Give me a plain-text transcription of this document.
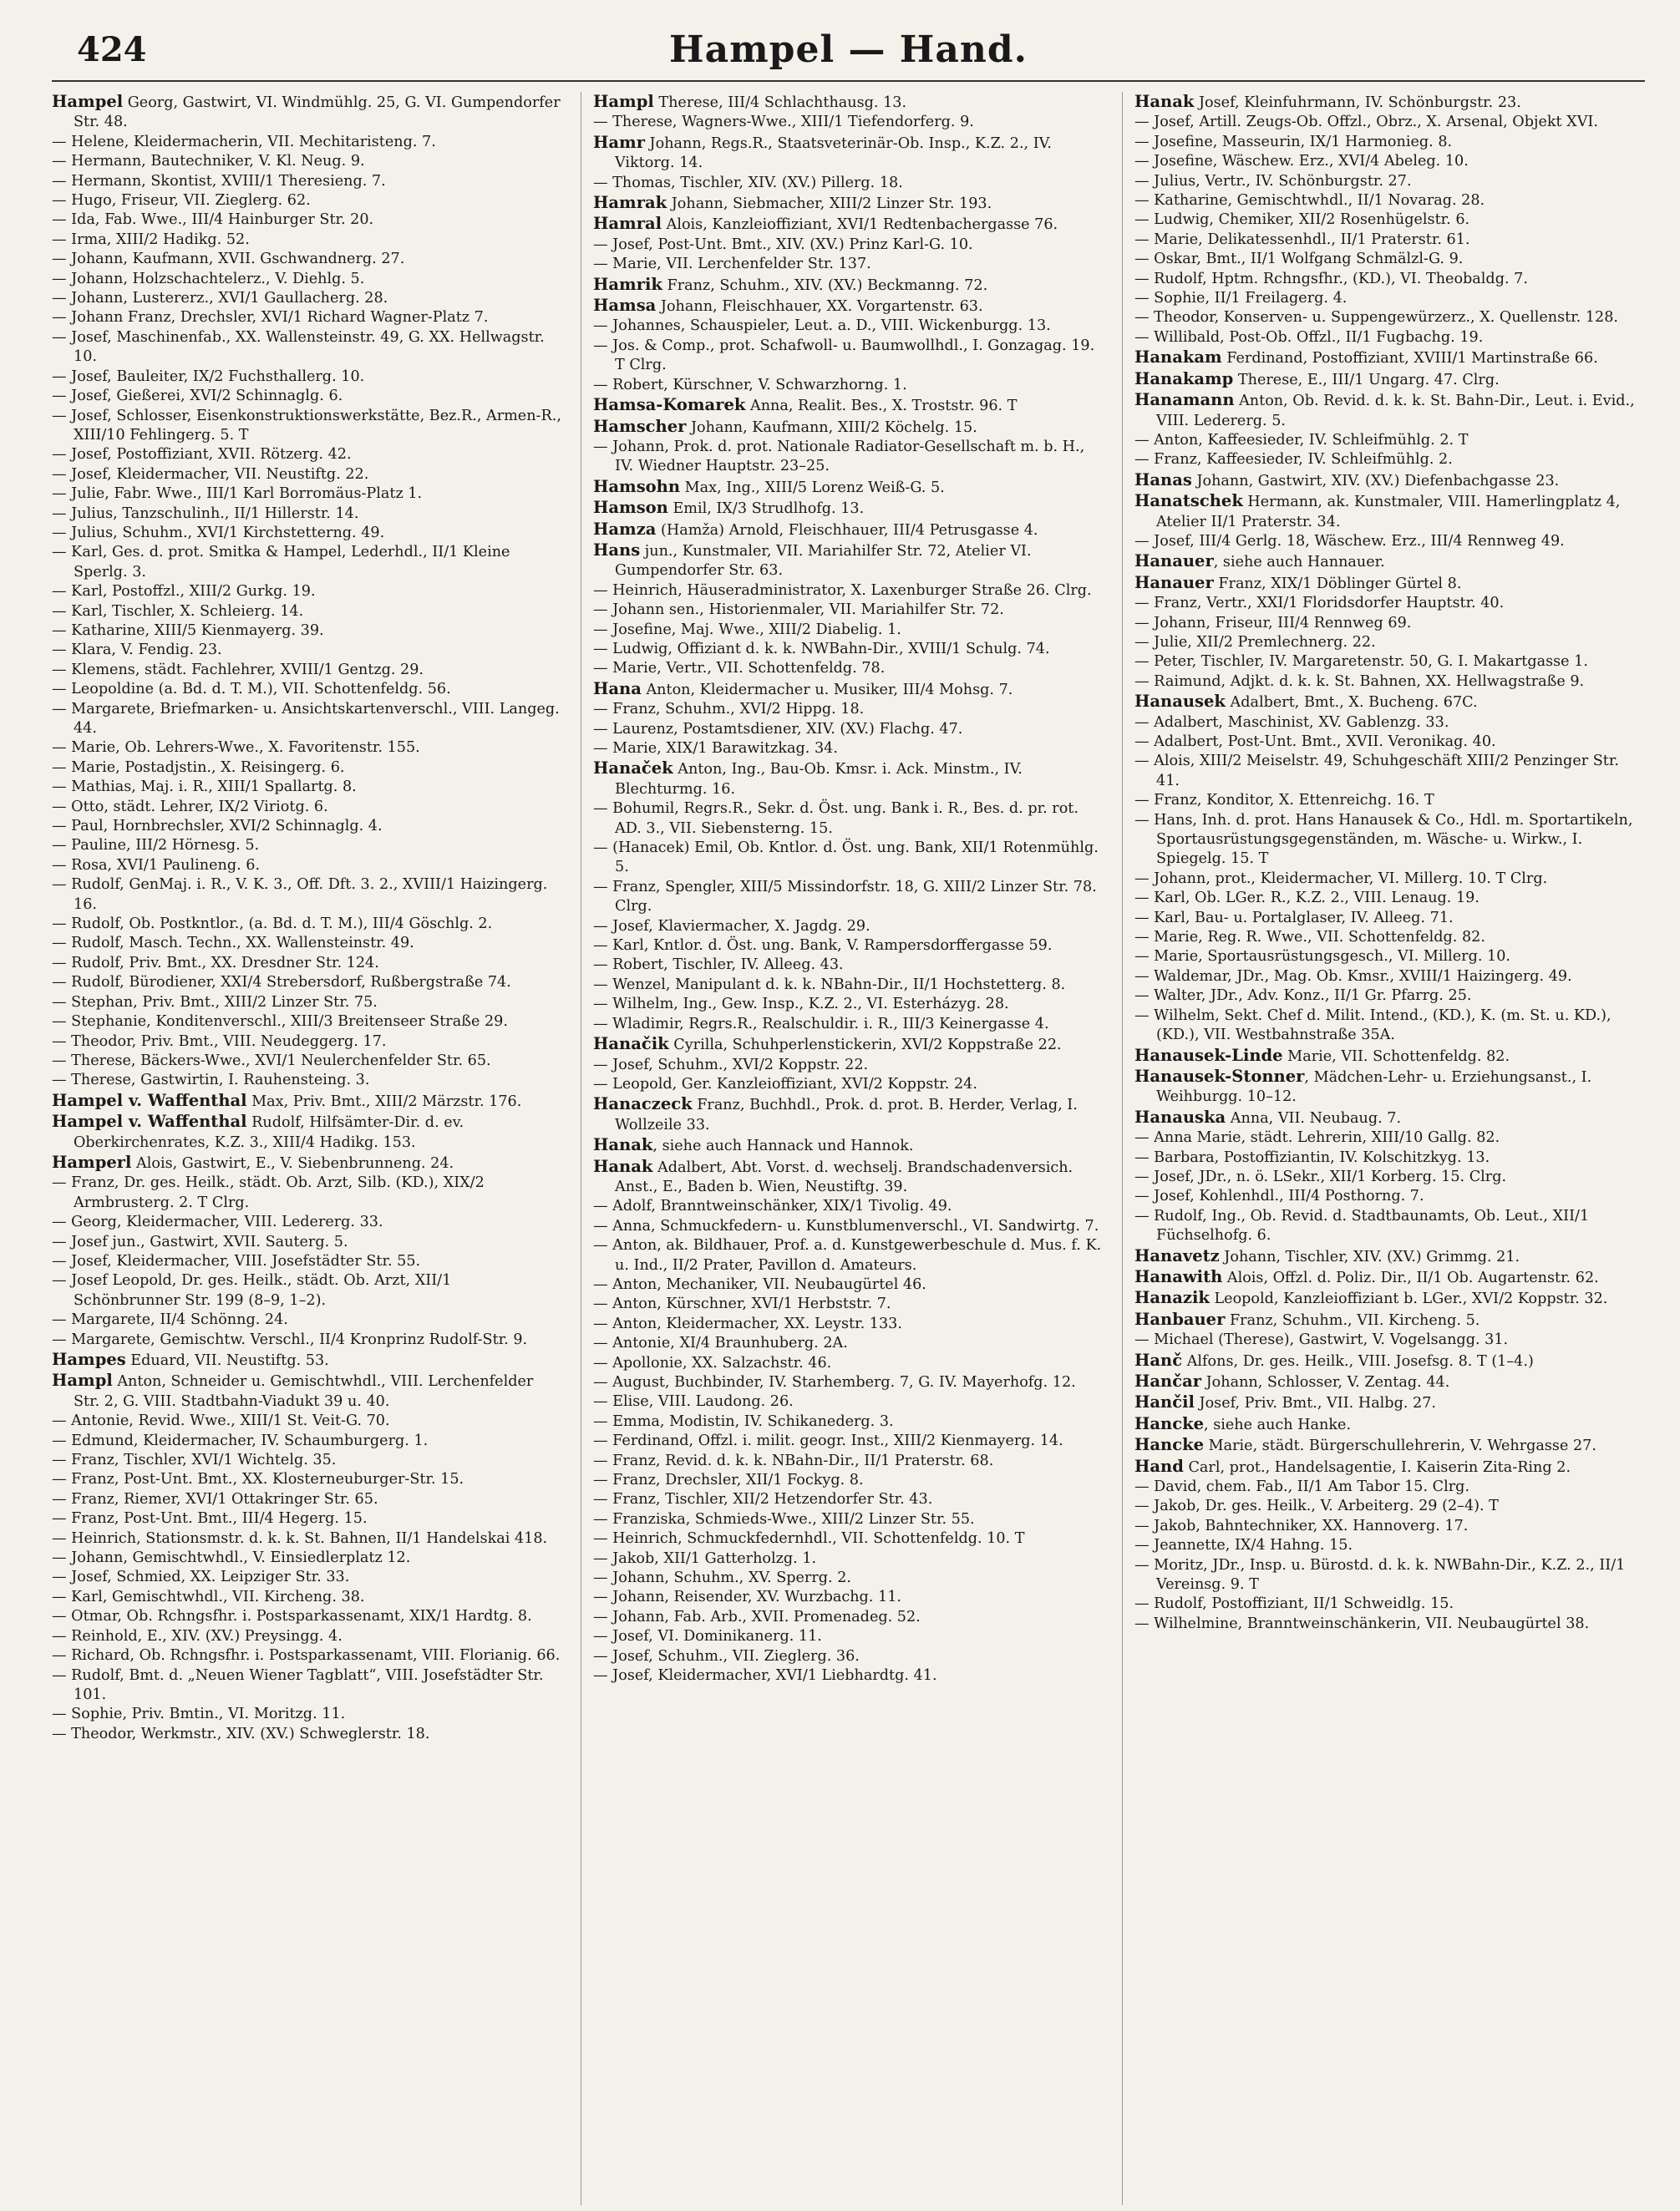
424	Hampel — Hand.

Hampel Georg, Gastwirt, VI. Windmühlg. 25, G. VI. Gumpendorfer Str. 48.

— Helene, Kleidermacherin, VII. Mechitaristeng. 7.

— Hermann, Bautechniker, V. Kl. Neug. 9.

— Hermann, Skontist, XVIII/1 Theresieng. 7.

— Hugo, Friseur, VII. Zieglerg. 62.

— Ida, Fab. Wwe., III/4 Hainburger Str. 20.

— Irma, XIII/2 Hadikg. 52.

— Johann, Kaufmann, XVII. Gschwandnerg. 27.

— Johann, Holzschachtelerz., V. Diehlg. 5.

— Johann, Lustererz., XVI/1 Gaullacherg. 28.

— Johann Franz, Drechsler, XVI/1 Richard Wagner-Platz 7.

— Josef, Maschinenfab., XX. Wallensteinstr. 49, G. XX. Hellwagstr. 10.

— Josef, Bauleiter, IX/2 Fuchsthallerg. 10.

— Josef, Gießerei, XVI/2 Schinnaglg. 6.

— Josef, Schlosser, Eisenkonstruktionswerkstätte, Bez.R., Armen-R., XIII/10 Fehlingerg. 5. T

— Josef, Postoffiziant, XVII. Rötzerg. 42.

— Josef, Kleidermacher, VII. Neustiftg. 22.

— Julie, Fabr. Wwe., III/1 Karl Borromäus-Platz 1.

— Julius, Tanzschulinh., II/1 Hillerstr. 14.

— Julius, Schuhm., XVI/1 Kirchstetterng. 49.

— Karl, Ges. d. prot. Smitka & Hampel, Lederhdl., II/1 Kleine Sperlg. 3.

— Karl, Postoffzl., XIII/2 Gurkg. 19.

— Karl, Tischler, X. Schleierg. 14.

— Katharine, XIII/5 Kienmayerg. 39.

— Klara, V. Fendig. 23.

— Klemens, städt. Fachlehrer, XVIII/1 Gentzg. 29.

— Leopoldine (a. Bd. d. T. M.), VII. Schottenfeldg. 56.

— Margarete, Briefmarken- u. Ansichtskartenverschl., VIII. Langeg. 44.

— Marie, Ob. Lehrers-Wwe., X. Favoritenstr. 155.

— Marie, Postadjstin., X. Reisingerg. 6.

— Mathias, Maj. i. R., XIII/1 Spallartg. 8.

— Otto, städt. Lehrer, IX/2 Viriotg. 6.

— Paul, Hornbrechsler, XVI/2 Schinnaglg. 4.

— Pauline, III/2 Hörnesg. 5.

— Rosa, XVI/1 Paulineng. 6.

— Rudolf, GenMaj. i. R., V. K. 3., Off. Dft. 3. 2., XVIII/1 Haizingerg. 16.

— Rudolf, Ob. Postkntlor., (a. Bd. d. T. M.), III/4 Göschlg. 2.

— Rudolf, Masch. Techn., XX. Wallensteinstr. 49.

— Rudolf, Priv. Bmt., XX. Dresdner Str. 124.

— Rudolf, Bürodiener, XXI/4 Strebersdorf, Rußbergstraße 74.

— Stephan, Priv. Bmt., XIII/2 Linzer Str. 75.

— Stephanie, Konditenverschl., XIII/3 Breitenseer Straße 29.

— Theodor, Priv. Bmt., VIII. Neudeggerg. 17.

— Therese, Bäckers-Wwe., XVI/1 Neulerchenfelder Str. 65.

— Therese, Gastwirtin, I. Rauhensteing. 3.

Hampel v. Waffenthal Max, Priv. Bmt., XIII/2 Märzstr. 176.

Hampel v. Waffenthal Rudolf, Hilfsämter-Dir. d. ev. Oberkirchenrates, K.Z. 3., XIII/4 Hadikg. 153.

Hamperl Alois, Gastwirt, E., V. Siebenbrunneng. 24.

— Franz, Dr. ges. Heilk., städt. Ob. Arzt, Silb. (KD.), XIX/2 Armbrusterg. 2. T Clrg.

— Georg, Kleidermacher, VIII. Ledererg. 33.

— Josef jun., Gastwirt, XVII. Sauterg. 5.

— Josef, Kleidermacher, VIII. Josefstädter Str. 55.

— Josef Leopold, Dr. ges. Heilk., städt. Ob. Arzt, XII/1 Schönbrunner Str. 199 (8–9, 1–2).

— Margarete, II/4 Schönng. 24.

— Margarete, Gemischtw. Verschl., II/4 Kronprinz Rudolf-Str. 9.

Hampes Eduard, VII. Neustiftg. 53.

Hampl Anton, Schneider u. Gemischtwhdl., VIII. Lerchenfelder Str. 2, G. VIII. Stadtbahn-Viadukt 39 u. 40.

— Antonie, Revid. Wwe., XIII/1 St. Veit-G. 70.

— Edmund, Kleidermacher, IV. Schaumburgerg. 1.

— Franz, Tischler, XVI/1 Wichtelg. 35.

— Franz, Post-Unt. Bmt., XX. Klosterneuburger-Str. 15.

— Franz, Riemer, XVI/1 Ottakringer Str. 65.

— Franz, Post-Unt. Bmt., III/4 Hegerg. 15.

— Heinrich, Stationsmstr. d. k. k. St. Bahnen, II/1 Handelskai 418.

— Johann, Gemischtwhdl., V. Einsiedlerplatz 12.

— Josef, Schmied, XX. Leipziger Str. 33.

— Karl, Gemischtwhdl., VII. Kircheng. 38.

— Otmar, Ob. Rchngsfhr. i. Postsparkassenamt, XIX/1 Hardtg. 8.

— Reinhold, E., XIV. (XV.) Preysingg. 4.

— Richard, Ob. Rchngsfhr. i. Postsparkassenamt, VIII. Florianig. 66.

— Rudolf, Bmt. d. „Neuen Wiener Tagblatt“, VIII. Josefstädter Str. 101.

— Sophie, Priv. Bmtin., VI. Moritzg. 11.

— Theodor, Werkmstr., XIV. (XV.) Schweglerstr. 18.

Hampl Therese, III/4 Schlachthausg. 13.

— Therese, Wagners-Wwe., XIII/1 Tiefendorferg. 9.

Hamr Johann, Regs.R., Staatsveterinär-Ob. Insp., K.Z. 2., IV. Viktorg. 14.

— Thomas, Tischler, XIV. (XV.) Pillerg. 18.

Hamrak Johann, Siebmacher, XIII/2 Linzer Str. 193.

Hamral Alois, Kanzleioffiziant, XVI/1 Redtenbachergasse 76.

— Josef, Post-Unt. Bmt., XIV. (XV.) Prinz Karl-G. 10.

— Marie, VII. Lerchenfelder Str. 137.

Hamrik Franz, Schuhm., XIV. (XV.) Beckmanng. 72.

Hamsa Johann, Fleischhauer, XX. Vorgartenstr. 63.

— Johannes, Schauspieler, Leut. a. D., VIII. Wickenburgg. 13.

— Jos. & Comp., prot. Schafwoll- u. Baumwollhdl., I. Gonzagag. 19. T Clrg.

— Robert, Kürschner, V. Schwarzhorng. 1.

Hamsa-Komarek Anna, Realit. Bes., X. Troststr. 96. T

Hamscher Johann, Kaufmann, XIII/2 Köchelg. 15.

— Johann, Prok. d. prot. Nationale Radiator-Gesellschaft m. b. H., IV. Wiedner Hauptstr. 23–25.

Hamsohn Max, Ing., XIII/5 Lorenz Weiß-G. 5.

Hamson Emil, IX/3 Strudlhofg. 13.

Hamza (Hamža) Arnold, Fleischhauer, III/4 Petrusgasse 4.

Hans jun., Kunstmaler, VII. Mariahilfer Str. 72, Atelier VI. Gumpendorfer Str. 63.

— Heinrich, Häuseradministrator, X. Laxenburger Straße 26. Clrg.

— Johann sen., Historienmaler, VII. Mariahilfer Str. 72.

— Josefine, Maj. Wwe., XIII/2 Diabelig. 1.

— Ludwig, Offiziant d. k. k. NWBahn-Dir., XVIII/1 Schulg. 74.

— Marie, Vertr., VII. Schottenfeldg. 78.

Hana Anton, Kleidermacher u. Musiker, III/4 Mohsg. 7.

— Franz, Schuhm., XVI/2 Hippg. 18.

— Laurenz, Postamtsdiener, XIV. (XV.) Flachg. 47.

— Marie, XIX/1 Barawitzkag. 34.

Hanaček Anton, Ing., Bau-Ob. Kmsr. i. Ack. Minstm., IV. Blechturmg. 16.

— Bohumil, Regrs.R., Sekr. d. Öst. ung. Bank i. R., Bes. d. pr. rot. AD. 3., VII. Siebensterng. 15.

— (Hanacek) Emil, Ob. Kntlor. d. Öst. ung. Bank, XII/1 Rotenmühlg. 5.

— Franz, Spengler, XIII/5 Missindorfstr. 18, G. XIII/2 Linzer Str. 78. Clrg.

— Josef, Klaviermacher, X. Jagdg. 29.

— Karl, Kntlor. d. Öst. ung. Bank, V. Rampersdorffergasse 59.

— Robert, Tischler, IV. Alleeg. 43.

— Wenzel, Manipulant d. k. k. NBahn-Dir., II/1 Hochstetterg. 8.

— Wilhelm, Ing., Gew. Insp., K.Z. 2., VI. Esterházyg. 28.

— Wladimir, Regrs.R., Realschuldir. i. R., III/3 Keinergasse 4.

Hanačik Cyrilla, Schuhperlenstickerin, XVI/2 Koppstraße 22.

— Josef, Schuhm., XVI/2 Koppstr. 22.

— Leopold, Ger. Kanzleioffiziant, XVI/2 Koppstr. 24.

Hanaczeck Franz, Buchhdl., Prok. d. prot. B. Herder, Verlag, I. Wollzeile 33.

Hanak, siehe auch Hannack und Hannok.

Hanak Adalbert, Abt. Vorst. d. wechselj. Brandschadenversich. Anst., E., Baden b. Wien, Neustiftg. 39.

— Adolf, Branntweinschänker, XIX/1 Tivolig. 49.

— Anna, Schmuckfedern- u. Kunstblumenverschl., VI. Sandwirtg. 7.

— Anton, ak. Bildhauer, Prof. a. d. Kunstgewerbeschule d. Mus. f. K. u. Ind., II/2 Prater, Pavillon d. Amateurs.

— Anton, Mechaniker, VII. Neubaugürtel 46.

— Anton, Kürschner, XVI/1 Herbststr. 7.

— Anton, Kleidermacher, XX. Leystr. 133.

— Antonie, XI/4 Braunhuberg. 2A.

— Apollonie, XX. Salzachstr. 46.

— August, Buchbinder, IV. Starhemberg. 7, G. IV. Mayerhofg. 12.

— Elise, VIII. Laudong. 26.

— Emma, Modistin, IV. Schikanederg. 3.

— Ferdinand, Offzl. i. milit. geogr. Inst., XIII/2 Kienmayerg. 14.

— Franz, Revid. d. k. k. NBahn-Dir., II/1 Praterstr. 68.

— Franz, Drechsler, XII/1 Fockyg. 8.

— Franz, Tischler, XII/2 Hetzendorfer Str. 43.

— Franziska, Schmieds-Wwe., XIII/2 Linzer Str. 55.

— Heinrich, Schmuckfedernhdl., VII. Schottenfeldg. 10. T

— Jakob, XII/1 Gatterholzg. 1.

— Johann, Schuhm., XV. Sperrg. 2.

— Johann, Reisender, XV. Wurzbachg. 11.

— Johann, Fab. Arb., XVII. Promenadeg. 52.

— Josef, VI. Dominikanerg. 11.

— Josef, Schuhm., VII. Zieglerg. 36.

— Josef, Kleidermacher, XVI/1 Liebhardtg. 41.

Hanak Josef, Kleinfuhrmann, IV. Schönburgstr. 23.

— Josef, Artill. Zeugs-Ob. Offzl., Obrz., X. Arsenal, Objekt XVI.

— Josefine, Masseurin, IX/1 Harmonieg. 8.

— Josefine, Wäschew. Erz., XVI/4 Abeleg. 10.

— Julius, Vertr., IV. Schönburgstr. 27.

— Katharine, Gemischtwhdl., II/1 Novarag. 28.

— Ludwig, Chemiker, XII/2 Rosenhügelstr. 6.

— Marie, Delikatessenhdl., II/1 Praterstr. 61.

— Oskar, Bmt., II/1 Wolfgang Schmälzl-G. 9.

— Rudolf, Hptm. Rchngsfhr., (KD.), VI. Theobaldg. 7.

— Sophie, II/1 Freilagerg. 4.

— Theodor, Konserven- u. Suppengewürzerz., X. Quellenstr. 128.

— Willibald, Post-Ob. Offzl., II/1 Fugbachg. 19.

Hanakam Ferdinand, Postoffiziant, XVIII/1 Martinstraße 66.

Hanakamp Therese, E., III/1 Ungarg. 47. Clrg.

Hanamann Anton, Ob. Revid. d. k. k. St. Bahn-Dir., Leut. i. Evid., VIII. Ledererg. 5.

— Anton, Kaffeesieder, IV. Schleifmühlg. 2. T

— Franz, Kaffeesieder, IV. Schleifmühlg. 2.

Hanas Johann, Gastwirt, XIV. (XV.) Diefenbachgasse 23.

Hanatschek Hermann, ak. Kunstmaler, VIII. Hamerlingplatz 4, Atelier II/1 Praterstr. 34.

— Josef, III/4 Gerlg. 18, Wäschew. Erz., III/4 Rennweg 49.

Hanauer, siehe auch Hannauer.

Hanauer Franz, XIX/1 Döblinger Gürtel 8.

— Franz, Vertr., XXI/1 Floridsdorfer Hauptstr. 40.

— Johann, Friseur, III/4 Rennweg 69.

— Julie, XII/2 Premlechnerg. 22.

— Peter, Tischler, IV. Margaretenstr. 50, G. I. Makartgasse 1.

— Raimund, Adjkt. d. k. k. St. Bahnen, XX. Hellwagstraße 9.

Hanausek Adalbert, Bmt., X. Bucheng. 67C.

— Adalbert, Maschinist, XV. Gablenzg. 33.

— Adalbert, Post-Unt. Bmt., XVII. Veronikag. 40.

— Alois, XIII/2 Meiselstr. 49, Schuhgeschäft XIII/2 Penzinger Str. 41.

— Franz, Konditor, X. Ettenreichg. 16. T

— Hans, Inh. d. prot. Hans Hanausek & Co., Hdl. m. Sportartikeln, Sportausrüstungsgegenständen, m. Wäsche- u. Wirkw., I. Spiegelg. 15. T

— Johann, prot., Kleidermacher, VI. Millerg. 10. T Clrg.

— Karl, Ob. LGer. R., K.Z. 2., VIII. Lenaug. 19.

— Karl, Bau- u. Portalglaser, IV. Alleeg. 71.

— Marie, Reg. R. Wwe., VII. Schottenfeldg. 82.

— Marie, Sportausrüstungsgesch., VI. Millerg. 10.

— Waldemar, JDr., Mag. Ob. Kmsr., XVIII/1 Haizingerg. 49.

— Walter, JDr., Adv. Konz., II/1 Gr. Pfarrg. 25.

— Wilhelm, Sekt. Chef d. Milit. Intend., (KD.), K. (m. St. u. KD.), (KD.), VII. Westbahnstraße 35A.

Hanausek-Linde Marie, VII. Schottenfeldg. 82.

Hanausek-Stonner, Mädchen-Lehr- u. Erziehungsanst., I. Weihburgg. 10–12.

Hanauska Anna, VII. Neubaug. 7.

— Anna Marie, städt. Lehrerin, XIII/10 Gallg. 82.

— Barbara, Postoffiziantin, IV. Kolschitzkyg. 13.

— Josef, JDr., n. ö. LSekr., XII/1 Korberg. 15. Clrg.

— Josef, Kohlenhdl., III/4 Posthorng. 7.

— Rudolf, Ing., Ob. Revid. d. Stadtbaunamts, Ob. Leut., XII/1 Füchselhofg. 6.

Hanavetz Johann, Tischler, XIV. (XV.) Grimmg. 21.

Hanawith Alois, Offzl. d. Poliz. Dir., II/1 Ob. Augartenstr. 62.

Hanazik Leopold, Kanzleioffiziant b. LGer., XVI/2 Koppstr. 32.

Hanbauer Franz, Schuhm., VII. Kircheng. 5.

— Michael (Therese), Gastwirt, V. Vogelsangg. 31.

Hanč Alfons, Dr. ges. Heilk., VIII. Josefsg. 8. T (1–4.)

Hančar Johann, Schlosser, V. Zentag. 44.

Hančil Josef, Priv. Bmt., VII. Halbg. 27.

Hancke, siehe auch Hanke.

Hancke Marie, städt. Bürgerschullehrerin, V. Wehrgasse 27.

Hand Carl, prot., Handelsagentie, I. Kaiserin Zita-Ring 2.

— David, chem. Fab., II/1 Am Tabor 15. Clrg.

— Jakob, Dr. ges. Heilk., V. Arbeiterg. 29 (2–4). T

— Jakob, Bahntechniker, XX. Hannoverg. 17.

— Jeannette, IX/4 Hahng. 15.

— Moritz, JDr., Insp. u. Bürostd. d. k. k. NWBahn-Dir., K.Z. 2., II/1 Vereinsg. 9. T

— Rudolf, Postoffiziant, II/1 Schweidlg. 15.

— Wilhelmine, Branntweinschänkerin, VII. Neubaugürtel 38.
